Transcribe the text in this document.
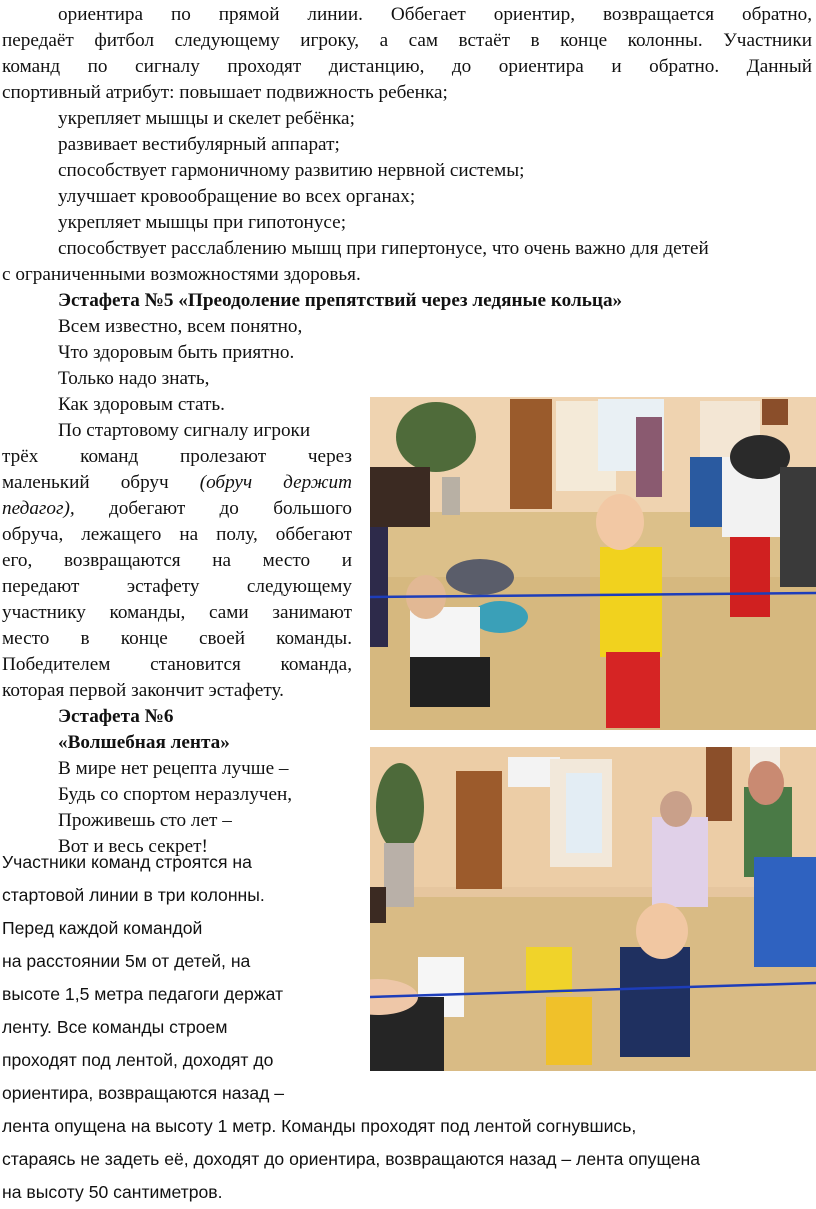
ориентира по прямой линии. Оббегает ориентир, возвращается обратно,
передаёт фитбол следующему игроку, а сам встаёт в конце колонны. Участники
команд по сигналу проходят дистанцию, до ориентира и обратно. Данный
спортивный атрибут: повышает подвижность ребенка;
укрепляет мышцы и скелет ребёнка;
развивает вестибулярный аппарат;
способствует гармоничному развитию нервной системы;
улучшает кровообращение во всех органах;
укрепляет мышцы при гипотонусе;
способствует расслаблению мышц при гипертонусе, что очень важно для детей
с ограниченными возможностями здоровья.
Эстафета №5 «Преодоление препятствий через ледяные кольца»
Всем известно, всем понятно,
Что здоровым быть приятно.
Только надо знать,
Как здоровым стать.
По стартовому сигналу игроки
трёх команд пролезают через
маленький обруч (обруч держит
педагог), добегают до большого
обруча, лежащего на полу, оббегают
его, возвращаются на место и
передают эстафету следующему
участнику команды, сами занимают
место в конце своей команды.
Победителем становится команда,
которая первой закончит эстафету.
Эстафета №6
«Волшебная лента»
В мире нет рецепта лучше –
Будь со спортом неразлучен,
Проживешь сто лет –
Вот и весь секрет!
Участники команд строятся на
стартовой линии в три колонны.
Перед каждой командой
на расстоянии 5м от детей, на
высоте 1,5 метра педагоги держат
ленту. Все команды строем
проходят под лентой, доходят до
ориентира, возвращаются назад –
лента опущена на высоту 1 метр. Команды проходят под лентой согнувшись,
стараясь не задеть её, доходят до ориентира, возвращаются назад – лента опущена
на высоту 50 сантиметров.
